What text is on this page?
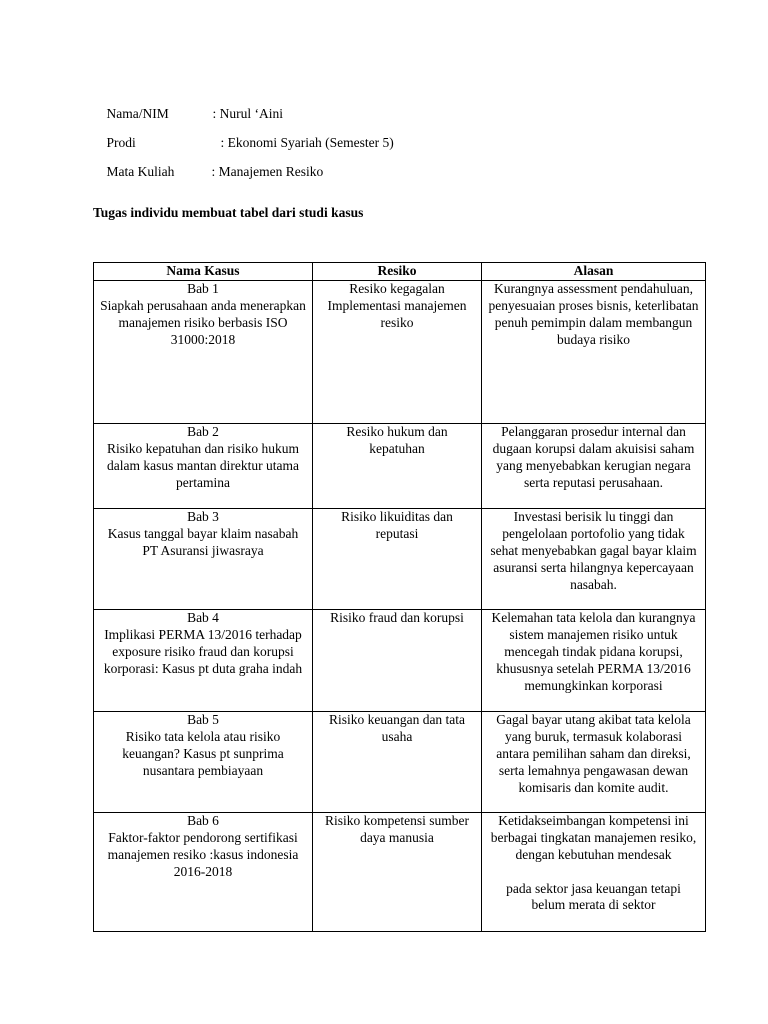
Nama/NIM	: Nurul ‘Aini

Prodi	: Ekonomi Syariah (Semester 5)

Mata Kuliah	: Manajemen Resiko

Tugas individu membuat tabel dari studi kasus
Nama Kasus	Resiko	Alasan

Bab 1
Siapkah perusahaan anda menerapkan manajemen risiko berbasis ISO 31000:2018	Resiko kegagalan Implementasi manajemen resiko	Kurangnya assessment pendahuluan, penyesuaian proses bisnis, keterlibatan penuh pemimpin dalam membangun budaya risiko

Bab 2
Risiko kepatuhan dan risiko hukum dalam kasus mantan direktur utama pertamina	Resiko hukum dan kepatuhan	Pelanggaran prosedur internal dan dugaan korupsi dalam akuisisi saham yang menyebabkan kerugian negara serta reputasi perusahaan.

Bab 3
Kasus tanggal bayar klaim nasabah PT Asuransi jiwasraya	Risiko likuiditas dan reputasi	Investasi berisik lu tinggi dan pengelolaan portofolio yang tidak sehat menyebabkan gagal bayar klaim asuransi serta hilangnya kepercayaan nasabah.

Bab 4
Implikasi PERMA 13/2016 terhadap exposure risiko fraud dan korupsi korporasi: Kasus pt duta graha indah	Risiko fraud dan korupsi	Kelemahan tata kelola dan kurangnya sistem manajemen risiko untuk mencegah tindak pidana korupsi, khususnya setelah PERMA 13/2016 memungkinkan korporasi

Bab 5
Risiko tata kelola atau risiko keuangan? Kasus pt sunprima nusantara pembiayaan	Risiko keuangan dan tata usaha	Gagal bayar utang akibat tata kelola yang buruk, termasuk kolaborasi antara pemilihan saham dan direksi, serta lemahnya pengawasan dewan komisaris dan komite audit.

Bab 6
Faktor-faktor pendorong sertifikasi manajemen resiko :kasus indonesia 2016-2018	Risiko kompetensi sumber daya manusia	Ketidakseimbangan kompetensi ini berbagai tingkatan manajemen resiko, dengan kebutuhan mendesak
pada sektor jasa keuangan tetapi belum merata di sektor
